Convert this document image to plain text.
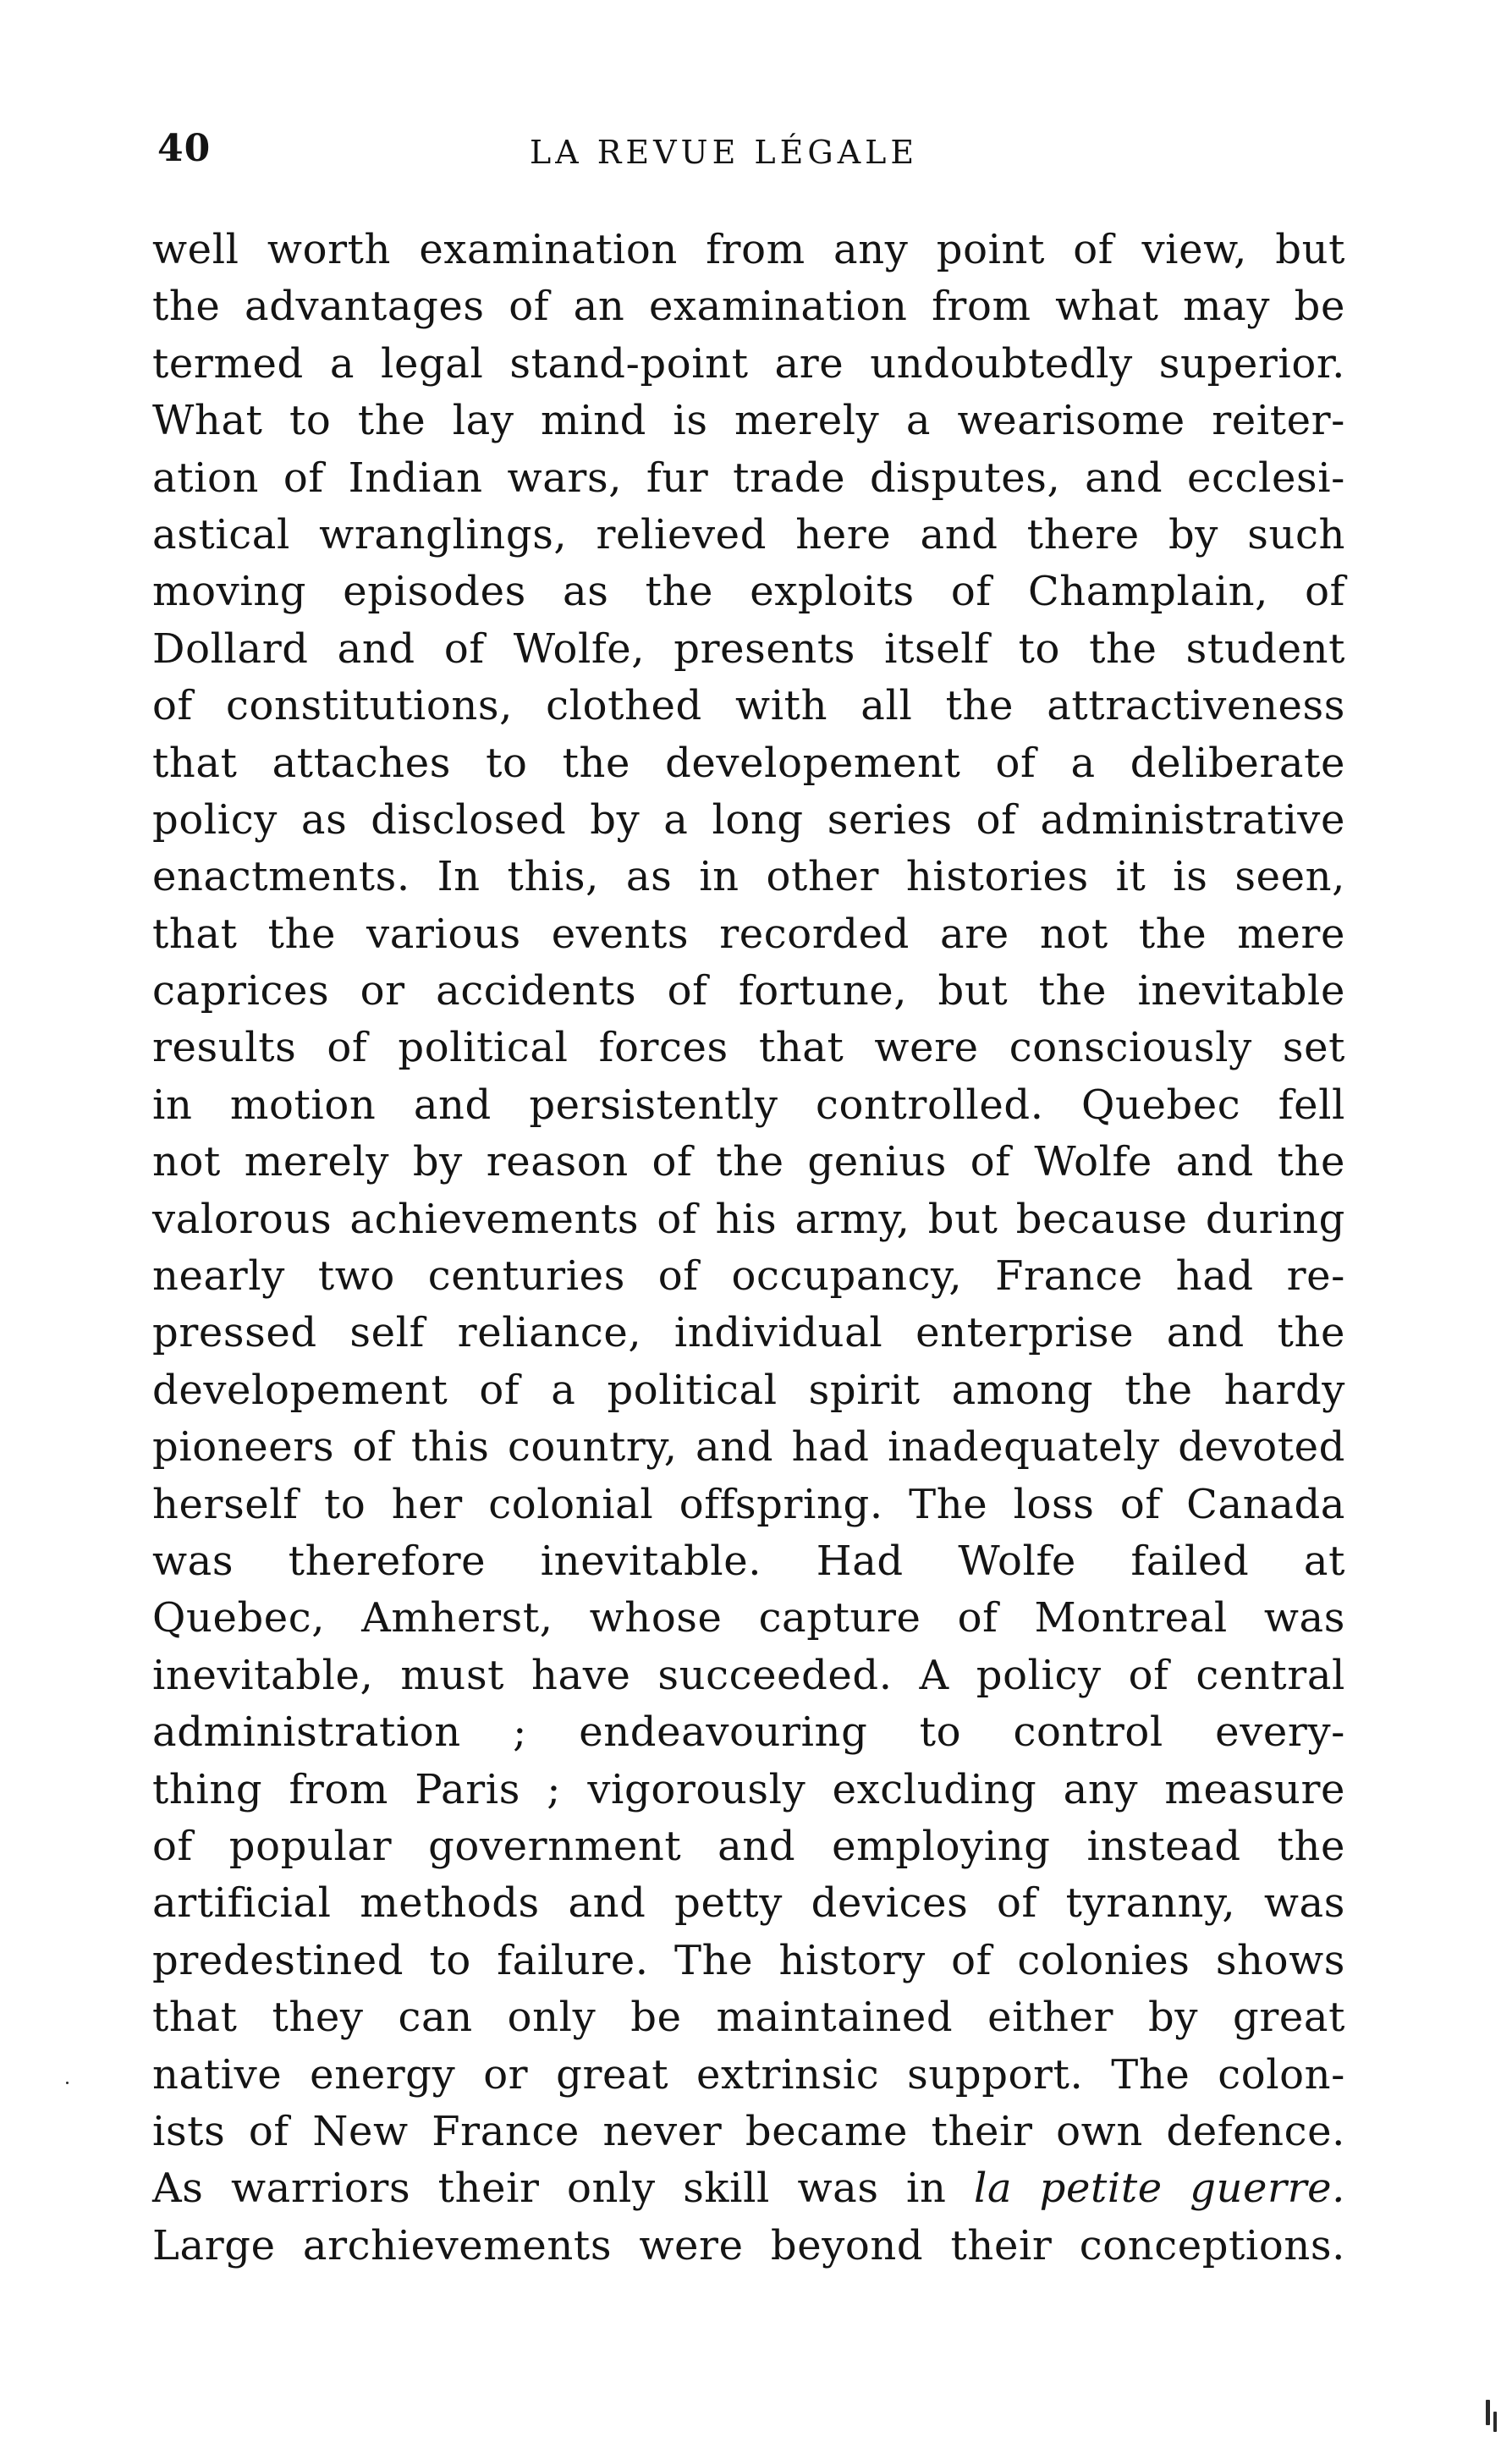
40	LA REVUE LÉGALE
well worth examination from any point of view, but
the advantages of an examination from what may be
termed a legal stand-point are undoubtedly superior.
What to the lay mind is merely a wearisome reiter-
ation of Indian wars, fur trade disputes, and ecclesi-
astical wranglings, relieved here and there by such
moving episodes as the exploits of Champlain, of
Dollard and of Wolfe, presents itself to the student
of constitutions, clothed with all the attractiveness
that attaches to the developement of a deliberate
policy as disclosed by a long series of administrative
enactments. In this, as in other histories it is seen,
that the various events recorded are not the mere
caprices or accidents of fortune, but the inevitable
results of political forces that were consciously set
in motion and persistently controlled. Quebec fell
not merely by reason of the genius of Wolfe and the
valorous achievements of his army, but because during
nearly two centuries of occupancy, France had re-
pressed self reliance, individual enterprise and the
developement of a political spirit among the hardy
pioneers of this country, and had inadequately devoted
herself to her colonial offspring. The loss of Canada
was therefore inevitable. Had Wolfe failed at
Quebec, Amherst, whose capture of Montreal was
inevitable, must have succeeded. A policy of central
administration ; endeavouring to control every-
thing from Paris ; vigorously excluding any measure
of popular government and employing instead the
artificial methods and petty devices of tyranny, was
predestined to failure. The history of colonies shows
that they can only be maintained either by great
native energy or great extrinsic support. The colon-
ists of New France never became their own defence.
As warriors their only skill was in la petite guerre.
Large archievements were beyond their conceptions.
